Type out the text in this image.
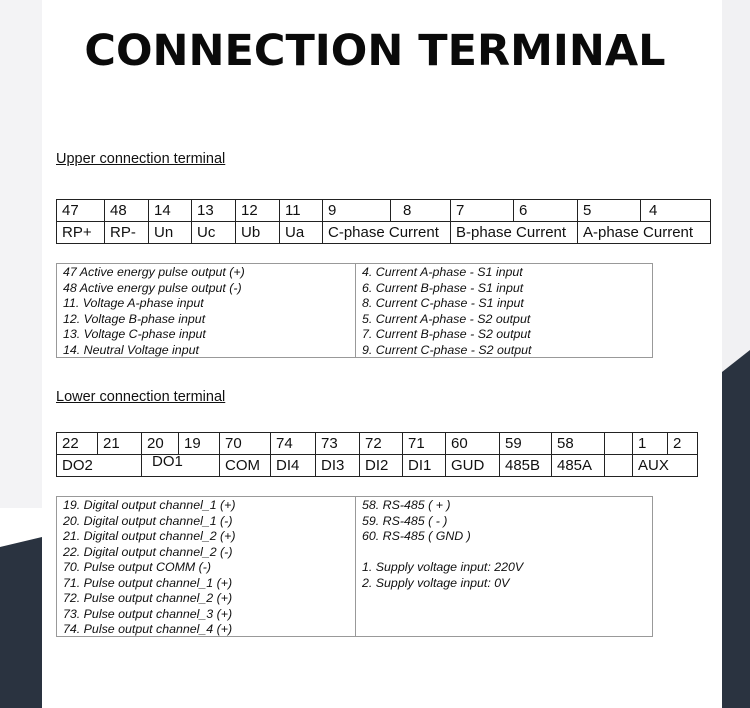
CONNECTION TERMINAL
Upper connection terminal
47	48	14	13	12	11	9	8	7	6	5	4
RP+	RP-	Un	Uc	Ub	Ua	C-phase Current		B-phase Current		A-phase Current	
47 Active energy pulse output (+)
48 Active energy pulse output (-)
11. Voltage A-phase input
12. Voltage B-phase input
13. Voltage C-phase input
14. Neutral Voltage input
4. Current A-phase - S1 input
6. Current B-phase - S1 input
8. Current C-phase - S1 input
5. Current A-phase - S2 output
7. Current B-phase - S2 output
9. Current C-phase - S2 output
Lower connection terminal
22	21	20	19	70	74	73	72	71	60	59	58		1	2
DO2		DO1		COM	DI4	DI3	DI2	DI1	GUD	485B	485A		AUX	
19. Digital output channel_1 (+)
20. Digital output channel_1 (-)
21. Digital output channel_2 (+)
22. Digital output channel_2 (-)
70. Pulse output COMM (-)
71. Pulse output channel_1 (+)
72. Pulse output channel_2 (+)
73. Pulse output channel_3 (+)
74. Pulse output channel_4 (+)
58. RS-485 ( + )
59. RS-485 ( - )
60. RS-485 ( GND )
1. Supply voltage input: 220V
2. Supply voltage input: 0V
